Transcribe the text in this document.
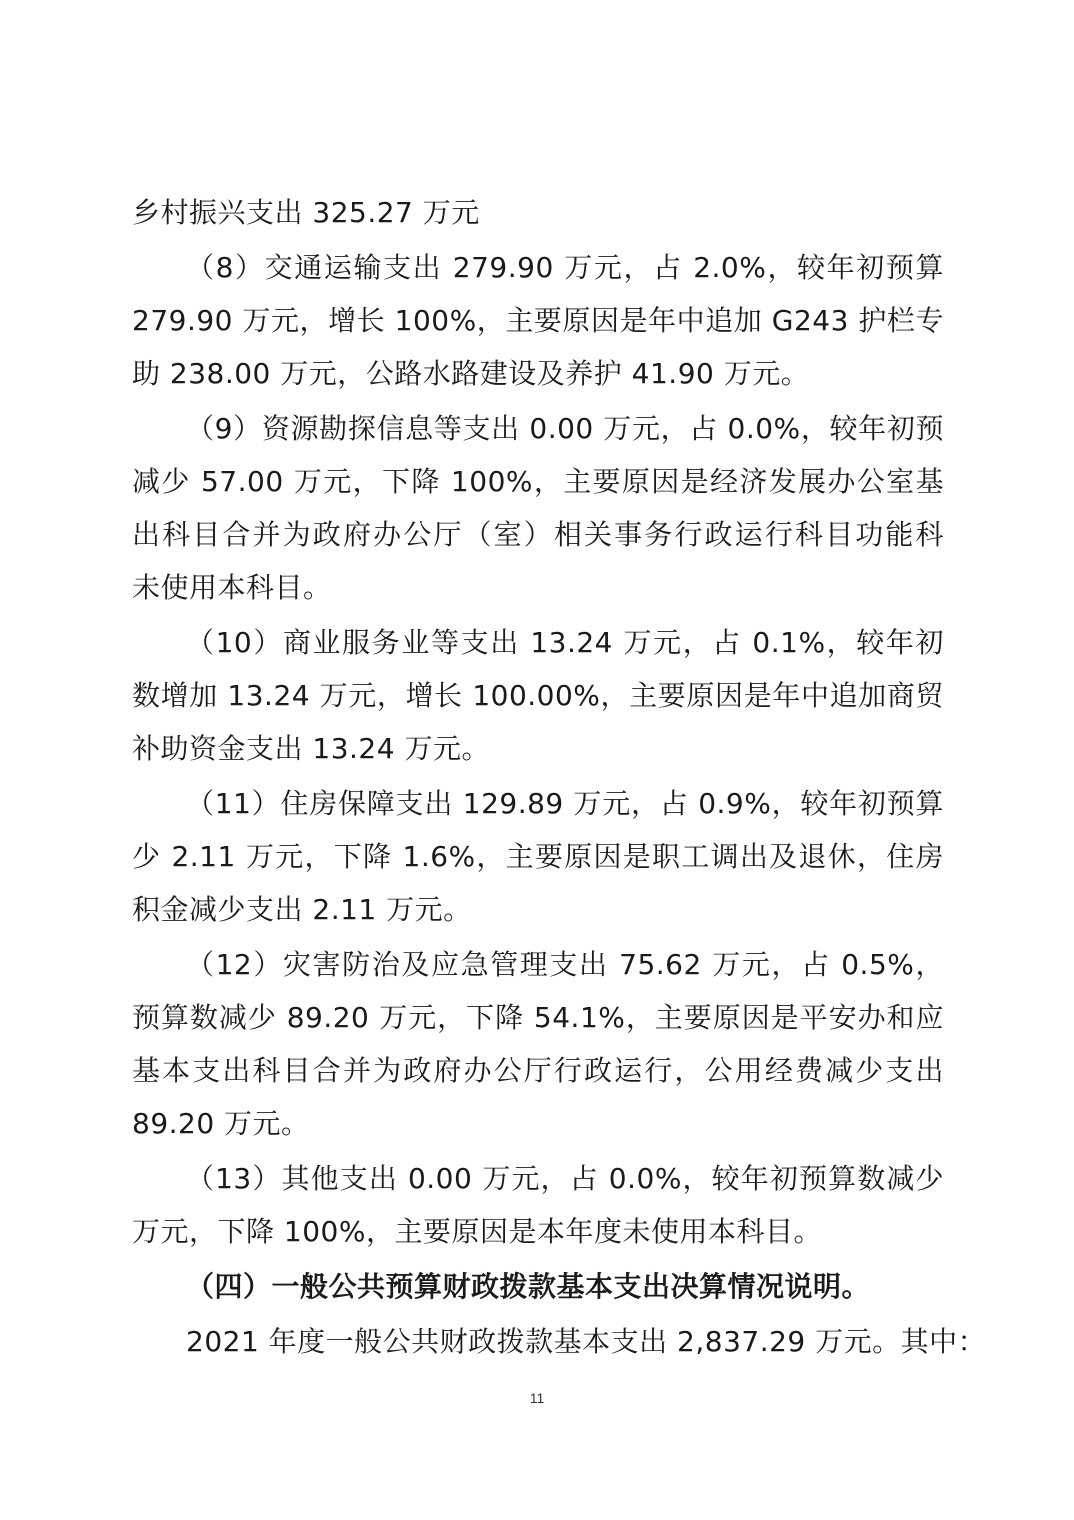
乡村振兴支出 325.27 万元
（8）交通运输支出 279.90 万元，占 2.0%，较年初预算
279.90 万元，增长 100%，主要原因是年中追加 G243 护栏专
助 238.00 万元，公路水路建设及养护 41.90 万元。
（9）资源勘探信息等支出 0.00 万元，占 0.0%，较年初预
减少 57.00 万元，下降 100%，主要原因是经济发展办公室基
出科目合并为政府办公厅（室）相关事务行政运行科目功能科
未使用本科目。
（10）商业服务业等支出 13.24 万元，占 0.1%，较年初
数增加 13.24 万元，增长 100.00%，主要原因是年中追加商贸
补助资金支出 13.24 万元。
（11）住房保障支出 129.89 万元，占 0.9%，较年初预算
少 2.11 万元，下降 1.6%，主要原因是职工调出及退休，住房
积金减少支出 2.11 万元。
（12）灾害防治及应急管理支出 75.62 万元，占 0.5%，
预算数减少 89.20 万元，下降 54.1%，主要原因是平安办和应
基本支出科目合并为政府办公厅行政运行，公用经费减少支出
89.20 万元。
（13）其他支出 0.00 万元，占 0.0%，较年初预算数减少
万元，下降 100%，主要原因是本年度未使用本科目。
（四）一般公共预算财政拨款基本支出决算情况说明。
2021 年度一般公共财政拨款基本支出 2,837.29 万元。其中：
11
